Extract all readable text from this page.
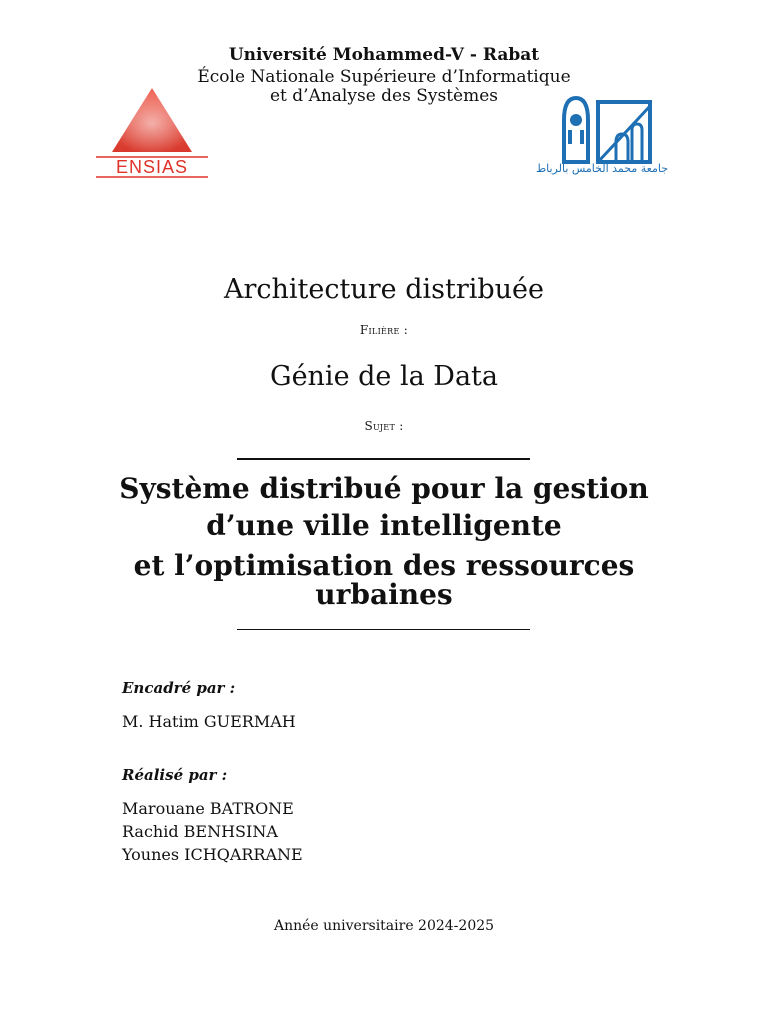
Université Mohammed-V - Rabat
École Nationale Supérieure d’Informatique
et d’Analyse des Systèmes
ENSIAS	جامعة محمد الخامس بالرباط
Architecture distribuée
Filière :
Génie de la Data
Sujet :
Système distribué pour la gestion
d’une ville intelligente
et l’optimisation des ressources
urbaines
Encadré par :
M. Hatim GUERMAH
Réalisé par :
Marouane BATRONE
Rachid BENHSINA
Younes ICHQARRANE
Année universitaire 2024-2025
